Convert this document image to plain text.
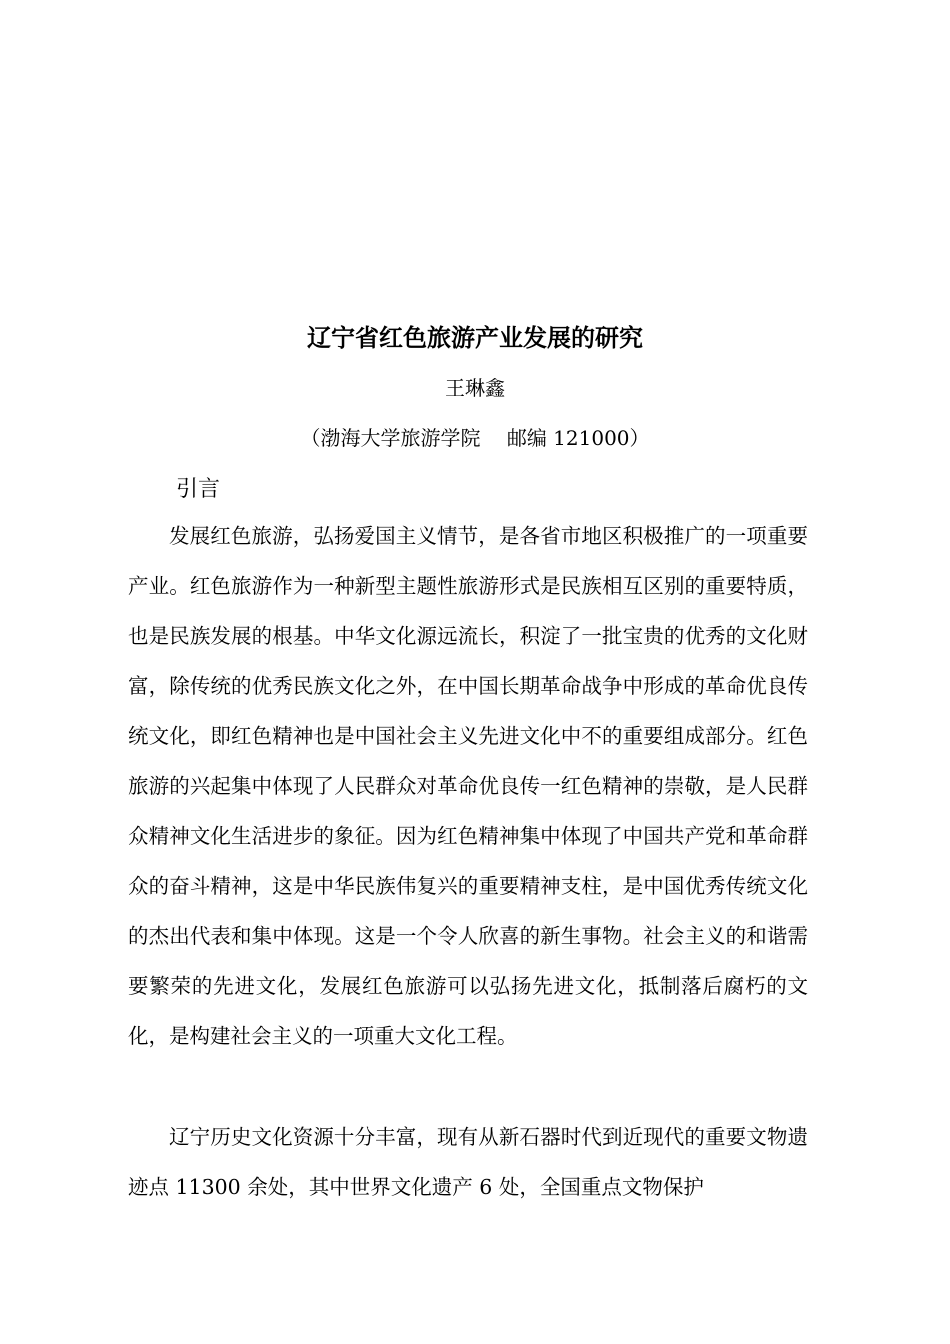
辽宁省红色旅游产业发展的研究
王琳鑫
（渤海大学旅游学院　 邮编 121000）
引言

发展红色旅游，弘扬爱国主义情节，是各省市地区积极推广的一项重要产业。红色旅游作为一种新型主题性旅游形式是民族相互区别的重要特质，也是民族发展的根基。中华文化源远流长，积淀了一批宝贵的优秀的文化财富，除传统的优秀民族文化之外，在中国长期革命战争中形成的革命优良传统文化，即红色精神也是中国社会主义先进文化中不的重要组成部分。红色旅游的兴起集中体现了人民群众对革命优良传一红色精神的崇敬，是人民群众精神文化生活进步的象征。因为红色精神集中体现了中国共产党和革命群众的奋斗精神，这是中华民族伟复兴的重要精神支柱，是中国优秀传统文化的杰出代表和集中体现。这是一个令人欣喜的新生事物。社会主义的和谐需要繁荣的先进文化，发展红色旅游可以弘扬先进文化，抵制落后腐朽的文化，是构建社会主义的一项重大文化工程。

辽宁历史文化资源十分丰富，现有从新石器时代到近现代的重要文物遗迹点 11300 余处，其中世界文化遗产 6 处，全国重点文物保护
